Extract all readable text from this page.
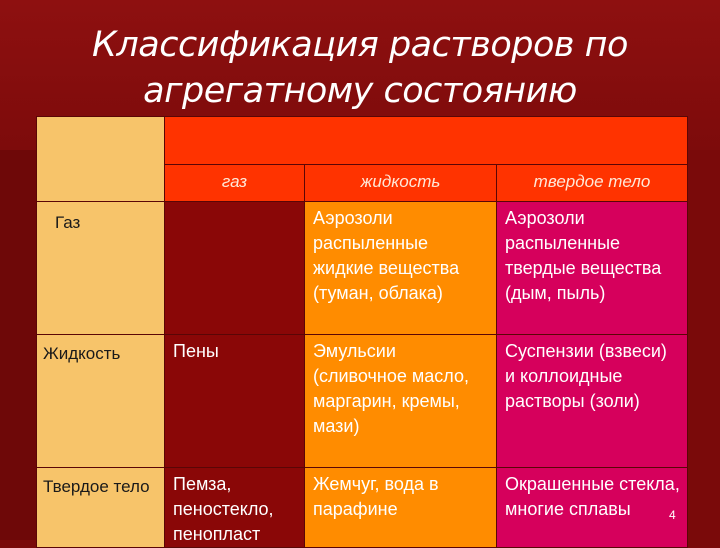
Классификация растворов по
агрегатному состоянию

	газ	жидкость	твердое тело
Газ		Аэрозоли распыленные жидкие вещества (туман, облака)	Аэрозоли распыленные твердые вещества (дым, пыль)
Жидкость	Пены	Эмульсии (сливочное масло, маргарин, кремы, мази)	Суспензии (взвеси) и коллоидные растворы (золи)
Твердое тело	Пемза, пеностекло, пенопласт	Жемчуг, вода в парафине	Окрашенные стекла, многие сплавы	4
